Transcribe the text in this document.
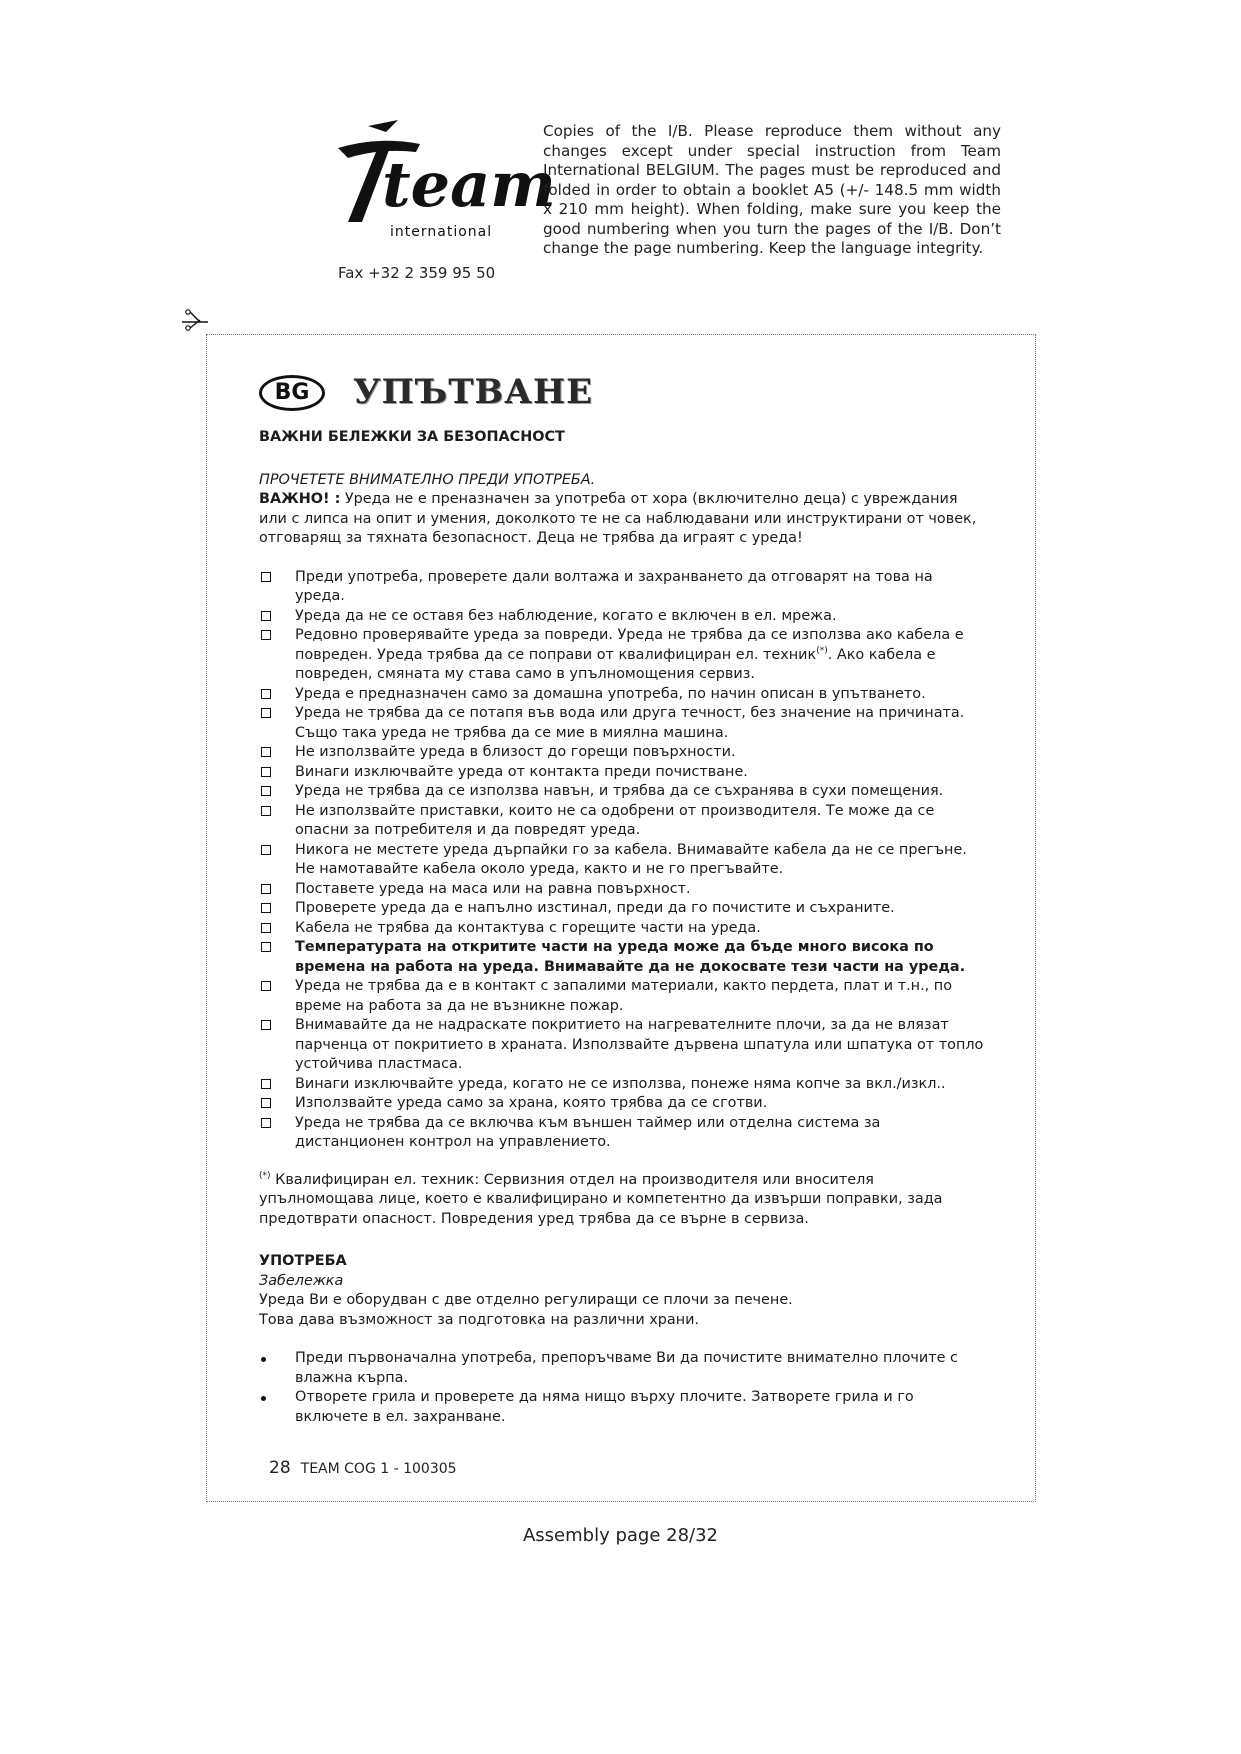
team
international
Fax +32 2 359 95 50
Copies of the I/B. Please reproduce them without any changes except under special instruction from Team International BELGIUM. The pages must be reproduced and folded in order to obtain a booklet A5 (+/- 148.5 mm width x 210 mm height). When folding, make sure you keep the good numbering when you turn the pages of the I/B. Don’t change the page numbering. Keep the language integrity.
BG	УПЪТВАНЕ

ВАЖНИ БЕЛЕЖКИ ЗА БЕЗОПАСНОСТ

ПРОЧЕТЕТЕ ВНИМАТЕЛНО ПРЕДИ УПОТРЕБА.

ВАЖНО! : Уреда не е преназначен за употреба от хора (включително деца) с увреждания или с липса на опит и умения, доколкото те не са наблюдавани или инструктирани от човек, отговарящ за тяхната безопасност. Деца не трябва да играят с уреда!

Преди употреба, проверете дали волтажа и захранването да отговарят на това на уреда.
Уреда да не се оставя без наблюдение, когато е включен в ел. мрежа.
Редовно проверявайте уреда за повреди. Уреда не трябва да се използва ако кабела е повреден. Уреда трябва да се поправи от квалифициран ел. техник(*). Ако кабела е повреден, смяната му става само в упълномощения сервиз.
Уреда е предназначен само за домашна употреба, по начин описан в упътването.
Уреда не трябва да се потапя във вода или друга течност, без значение на причината. Също така уреда не трябва да се мие в миялна машина.
Не използвайте уреда в близост до горещи повърхности.
Винаги изключвайте уреда от контакта преди почистване.
Уреда не трябва да се използва навън, и трябва да се съхранява в сухи помещения.
Не използвайте приставки, които не са одобрени от производителя. Те може да се опасни за потребителя и да повредят уреда.
Никога не местете уреда дърпайки го за кабела. Внимавайте кабела да не се прегъне. Не намотавайте кабела около уреда, както и не го прегъвайте.
Поставете уреда на маса или на равна повърхност.
Проверете уреда да е напълно изстинал, преди да го почистите и съхраните.
Кабела не трябва да контактува с горещите части на уреда.
Температурата на откритите части на уреда може да бъде много висока по времена на работа на уреда. Внимавайте да не докосвате тези части на уреда.
Уреда не трябва да е в контакт с запалими материали, както пердета, плат и т.н., по време на работа за да не възникне пожар.
Внимавайте да не надраскате покритието на нагревателните плочи, за да не влязат парченца от покритието в храната. Използвайте дървена шпатула или шпатука от топло устойчива пластмаса.
Винаги изключвайте уреда, когато не се използва, понеже няма копче за вкл./изкл..
Използвайте уреда само за храна, която трябва да се сготви.
Уреда не трябва да се включва към външен таймер или отделна система за дистанционен контрол на управлението.

(*) Квалифициран ел. техник: Сервизния отдел на производителя или вносителя упълномощава лице, което е квалифицирано и компетентно да извърши поправки, зада предотврати опасност. Повредения уред трябва да се върне в сервиза.

УПОТРЕБА

Забележка

Уреда Ви е оборудван с две отделно регулиращи се плочи за печене.

Това дава възможност за подготовка на различни храни.

Преди първоначална употреба, препоръчваме Ви да почистите внимателно плочите с влажна кърпа.
Отворете грила и проверете да няма нищо върху плочите. Затворете грила и го включете в ел. захранване.
28 TEAM COG 1 - 100305
Assembly page 28/32
